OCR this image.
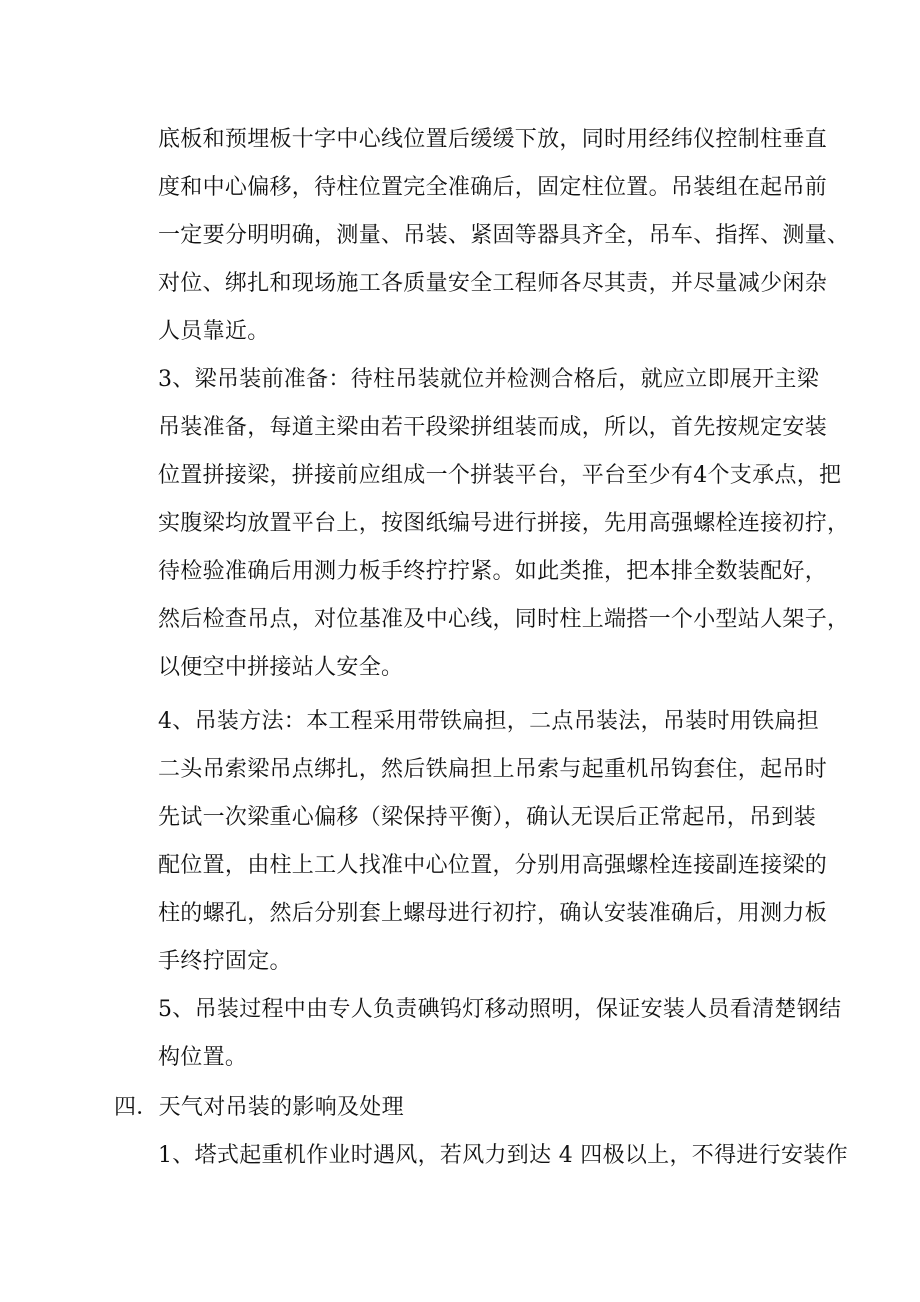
底板和预埋板十字中心线位置后缓缓下放，同时用经纬仪控制柱垂直
度和中心偏移，待柱位置完全准确后，固定柱位置。吊装组在起吊前
一定要分明明确，测量、吊装、紧固等器具齐全，吊车、指挥、测量、
对位、绑扎和现场施工各质量安全工程师各尽其责，并尽量减少闲杂
人员靠近。
3、梁吊装前准备：待柱吊装就位并检测合格后，就应立即展开主梁
吊装准备，每道主梁由若干段梁拼组装而成，所以，首先按规定安装
位置拼接梁，拼接前应组成一个拼装平台，平台至少有4个支承点，把
实腹梁均放置平台上，按图纸编号进行拼接，先用高强螺栓连接初拧，
待检验准确后用测力板手终拧拧紧。如此类推，把本排全数装配好，
然后检查吊点，对位基准及中心线，同时柱上端搭一个小型站人架子，
以便空中拼接站人安全。
4、吊装方法：本工程采用带铁扁担，二点吊装法，吊装时用铁扁担
二头吊索梁吊点绑扎，然后铁扁担上吊索与起重机吊钩套住，起吊时
先试一次梁重心偏移（梁保持平衡），确认无误后正常起吊，吊到装
配位置，由柱上工人找准中心位置，分别用高强螺栓连接副连接梁的
柱的螺孔，然后分别套上螺母进行初拧，确认安装准确后，用测力板
手终拧固定。
5、吊装过程中由专人负责碘钨灯移动照明，保证安装人员看清楚钢结
构位置。
四．天气对吊装的影响及处理
1、塔式起重机作业时遇风，若风力到达 4 四极以上，不得进行安装作
